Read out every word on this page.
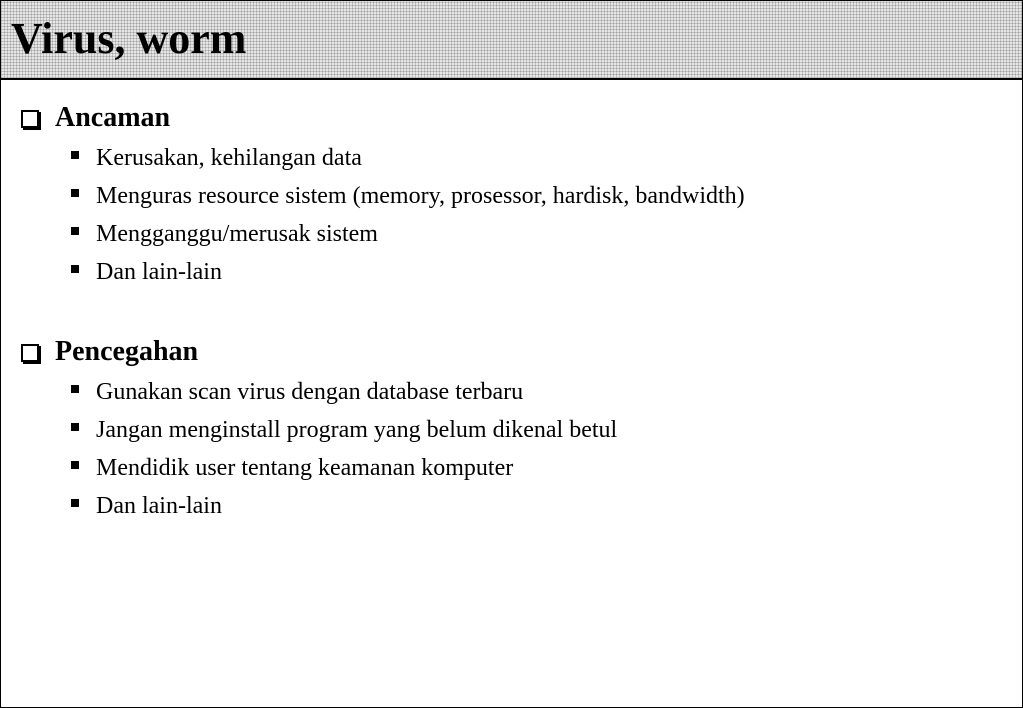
Virus, worm
Ancaman
Kerusakan, kehilangan data
Menguras resource sistem (memory, prosessor, hardisk, bandwidth)
Mengganggu/merusak sistem
Dan lain-lain
Pencegahan
Gunakan scan virus dengan database terbaru
Jangan menginstall program yang belum dikenal betul
Mendidik user tentang keamanan komputer
Dan lain-lain
